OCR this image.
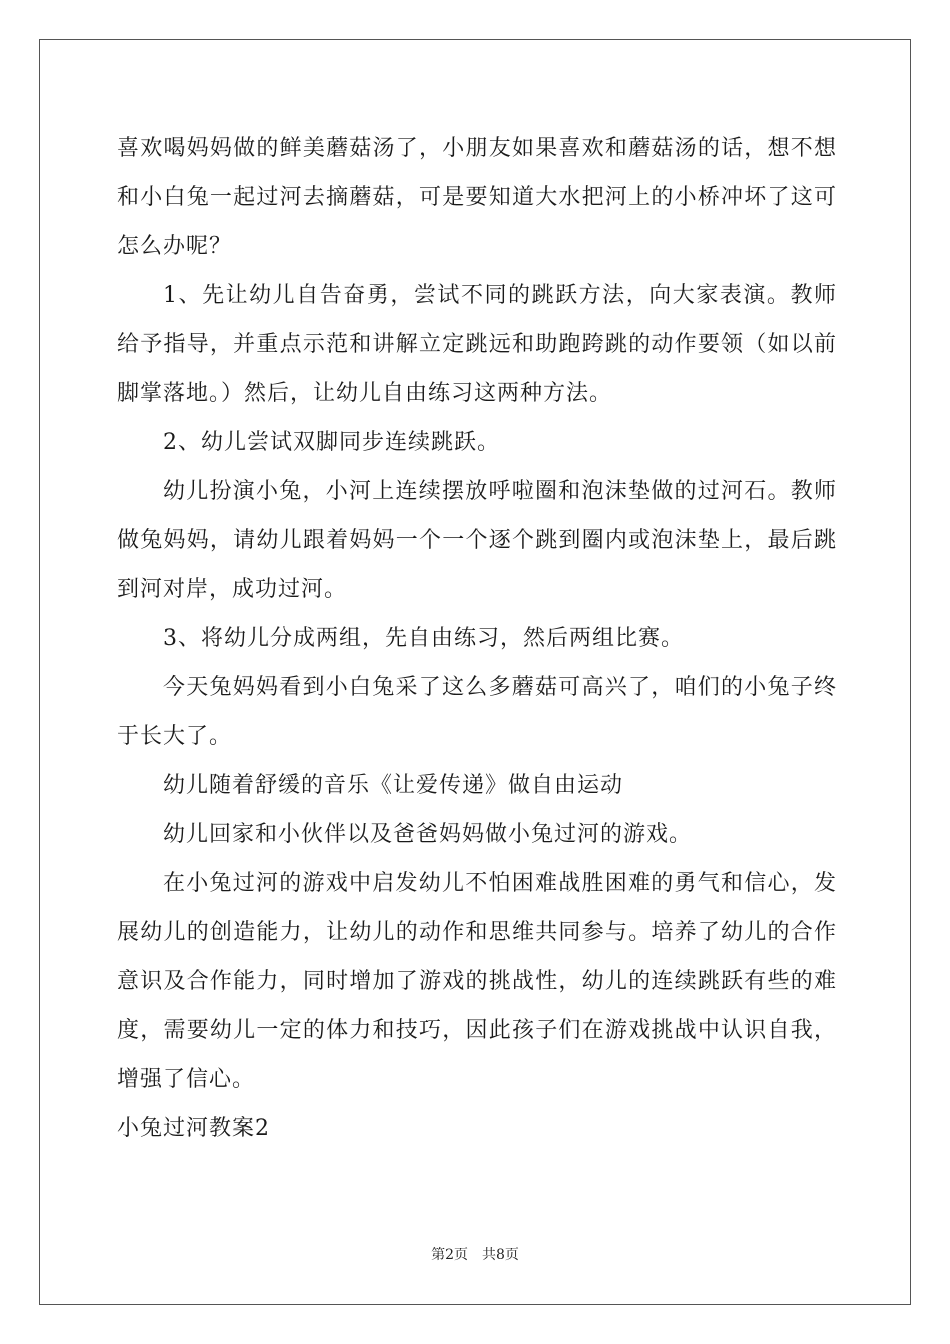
喜欢喝妈妈做的鲜美蘑菇汤了，小朋友如果喜欢和蘑菇汤的话，想不想和小白兔一起过河去摘蘑菇，可是要知道大水把河上的小桥冲坏了这可怎么办呢？

1、先让幼儿自告奋勇，尝试不同的跳跃方法，向大家表演。教师给予指导，并重点示范和讲解立定跳远和助跑跨跳的动作要领（如以前脚掌落地。）然后，让幼儿自由练习这两种方法。

2、幼儿尝试双脚同步连续跳跃。

幼儿扮演小兔，小河上连续摆放呼啦圈和泡沫垫做的过河石。教师做兔妈妈，请幼儿跟着妈妈一个一个逐个跳到圈内或泡沫垫上，最后跳到河对岸，成功过河。

3、将幼儿分成两组，先自由练习，然后两组比赛。

今天兔妈妈看到小白兔采了这么多蘑菇可高兴了，咱们的小兔子终于长大了。

幼儿随着舒缓的音乐《让爱传递》做自由运动

幼儿回家和小伙伴以及爸爸妈妈做小兔过河的游戏。

在小兔过河的游戏中启发幼儿不怕困难战胜困难的勇气和信心，发展幼儿的创造能力，让幼儿的动作和思维共同参与。培养了幼儿的合作意识及合作能力，同时增加了游戏的挑战性，幼儿的连续跳跃有些的难度，需要幼儿一定的体力和技巧，因此孩子们在游戏挑战中认识自我，增强了信心。

小兔过河教案2

第2页　共8页
